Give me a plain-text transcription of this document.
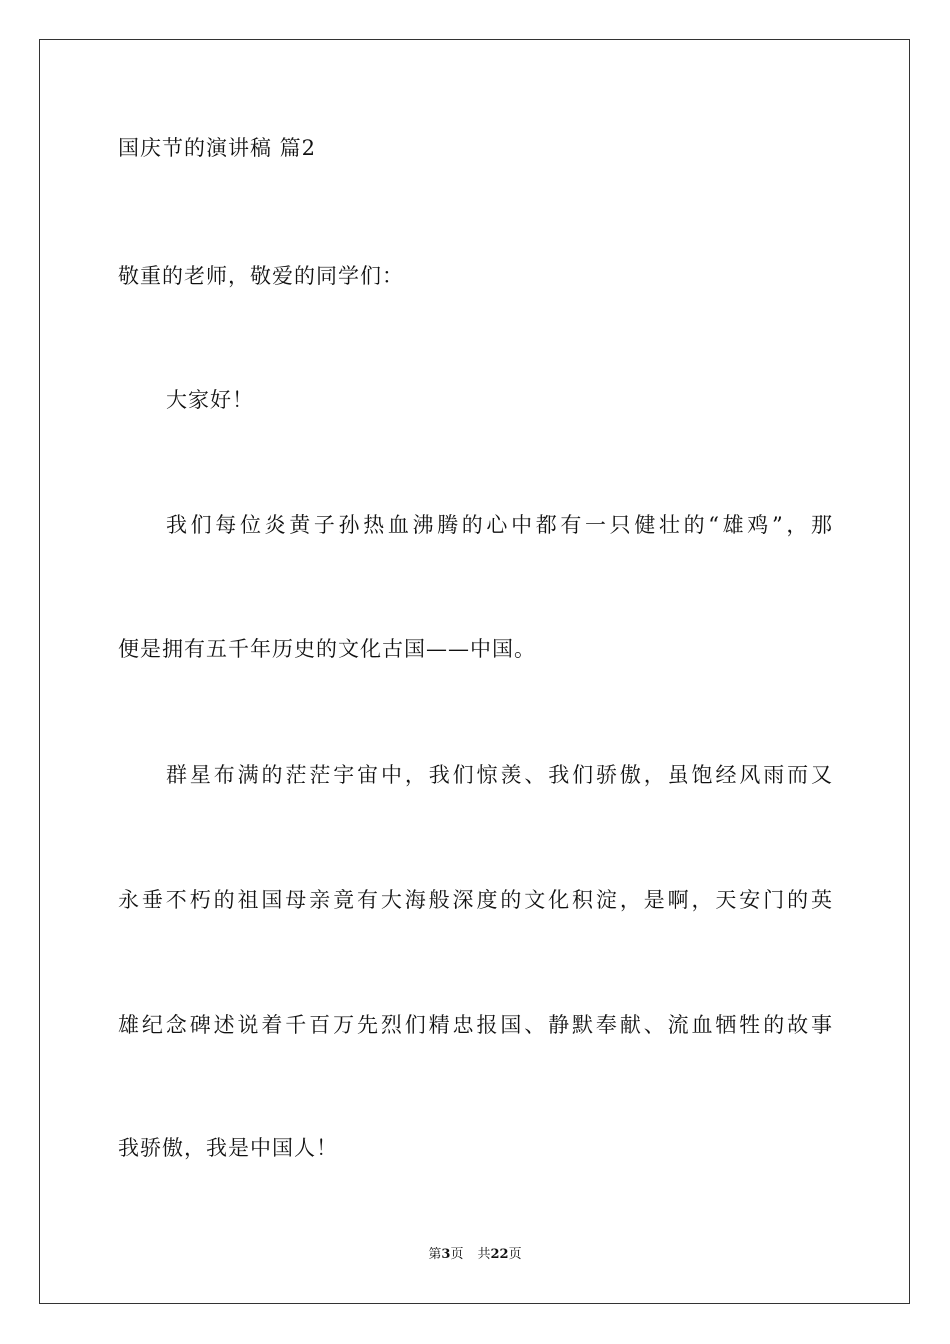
国庆节的演讲稿 篇2
敬重的老师，敬爱的同学们：
大家好！
我们每位炎黄子孙热血沸腾的心中都有一只健壮的“雄鸡”，那
便是拥有五千年历史的文化古国——中国。
群星布满的茫茫宇宙中，我们惊羡、我们骄傲，虽饱经风雨而又
永垂不朽的祖国母亲竟有大海般深度的文化积淀，是啊，天安门的英
雄纪念碑述说着千百万先烈们精忠报国、静默奉献、流血牺牲的故事
我骄傲，我是中国人！
第3页 共22页
